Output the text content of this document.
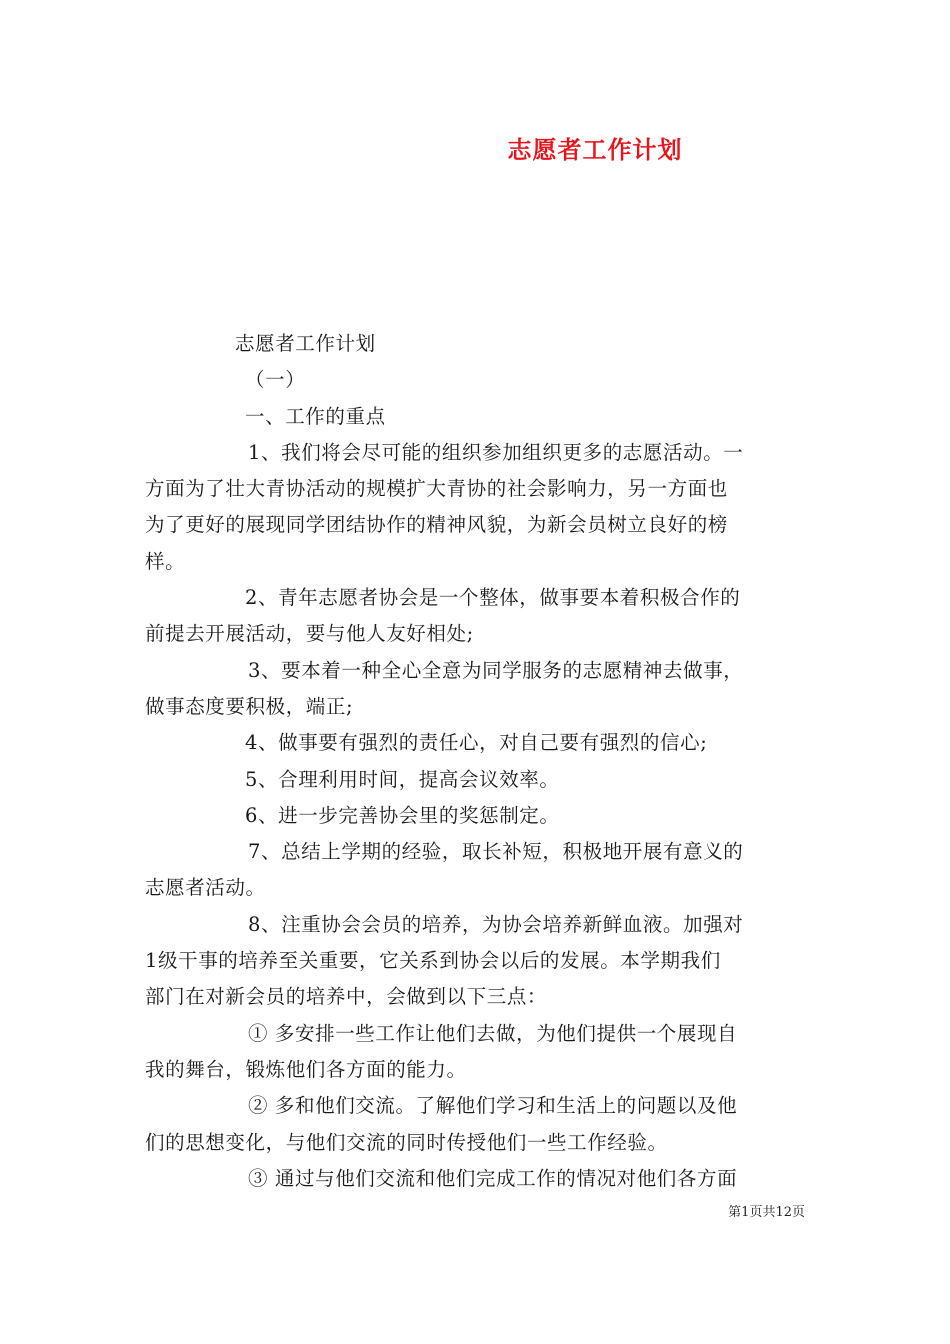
志愿者工作计划
志愿者工作计划
（一）
一、工作的重点
1、我们将会尽可能的组织参加组织更多的志愿活动。一
方面为了壮大青协活动的规模扩大青协的社会影响力，另一方面也
为了更好的展现同学团结协作的精神风貌，为新会员树立良好的榜
样。
2、青年志愿者协会是一个整体，做事要本着积极合作的
前提去开展活动，要与他人友好相处;
3、要本着一种全心全意为同学服务的志愿精神去做事，
做事态度要积极，端正;
4、做事要有强烈的责任心，对自己要有强烈的信心;
5、合理利用时间，提高会议效率。
6、进一步完善协会里的奖惩制定。
7、总结上学期的经验，取长补短，积极地开展有意义的
志愿者活动。
8、注重协会会员的培养，为协会培养新鲜血液。加强对
1级干事的培养至关重要，它关系到协会以后的发展。本学期我们
部门在对新会员的培养中，会做到以下三点：
① 多安排一些工作让他们去做，为他们提供一个展现自
我的舞台，锻炼他们各方面的能力。
② 多和他们交流。了解他们学习和生活上的问题以及他
们的思想变化，与他们交流的同时传授他们一些工作经验。
③ 通过与他们交流和他们完成工作的情况对他们各方面
第1页共12页
